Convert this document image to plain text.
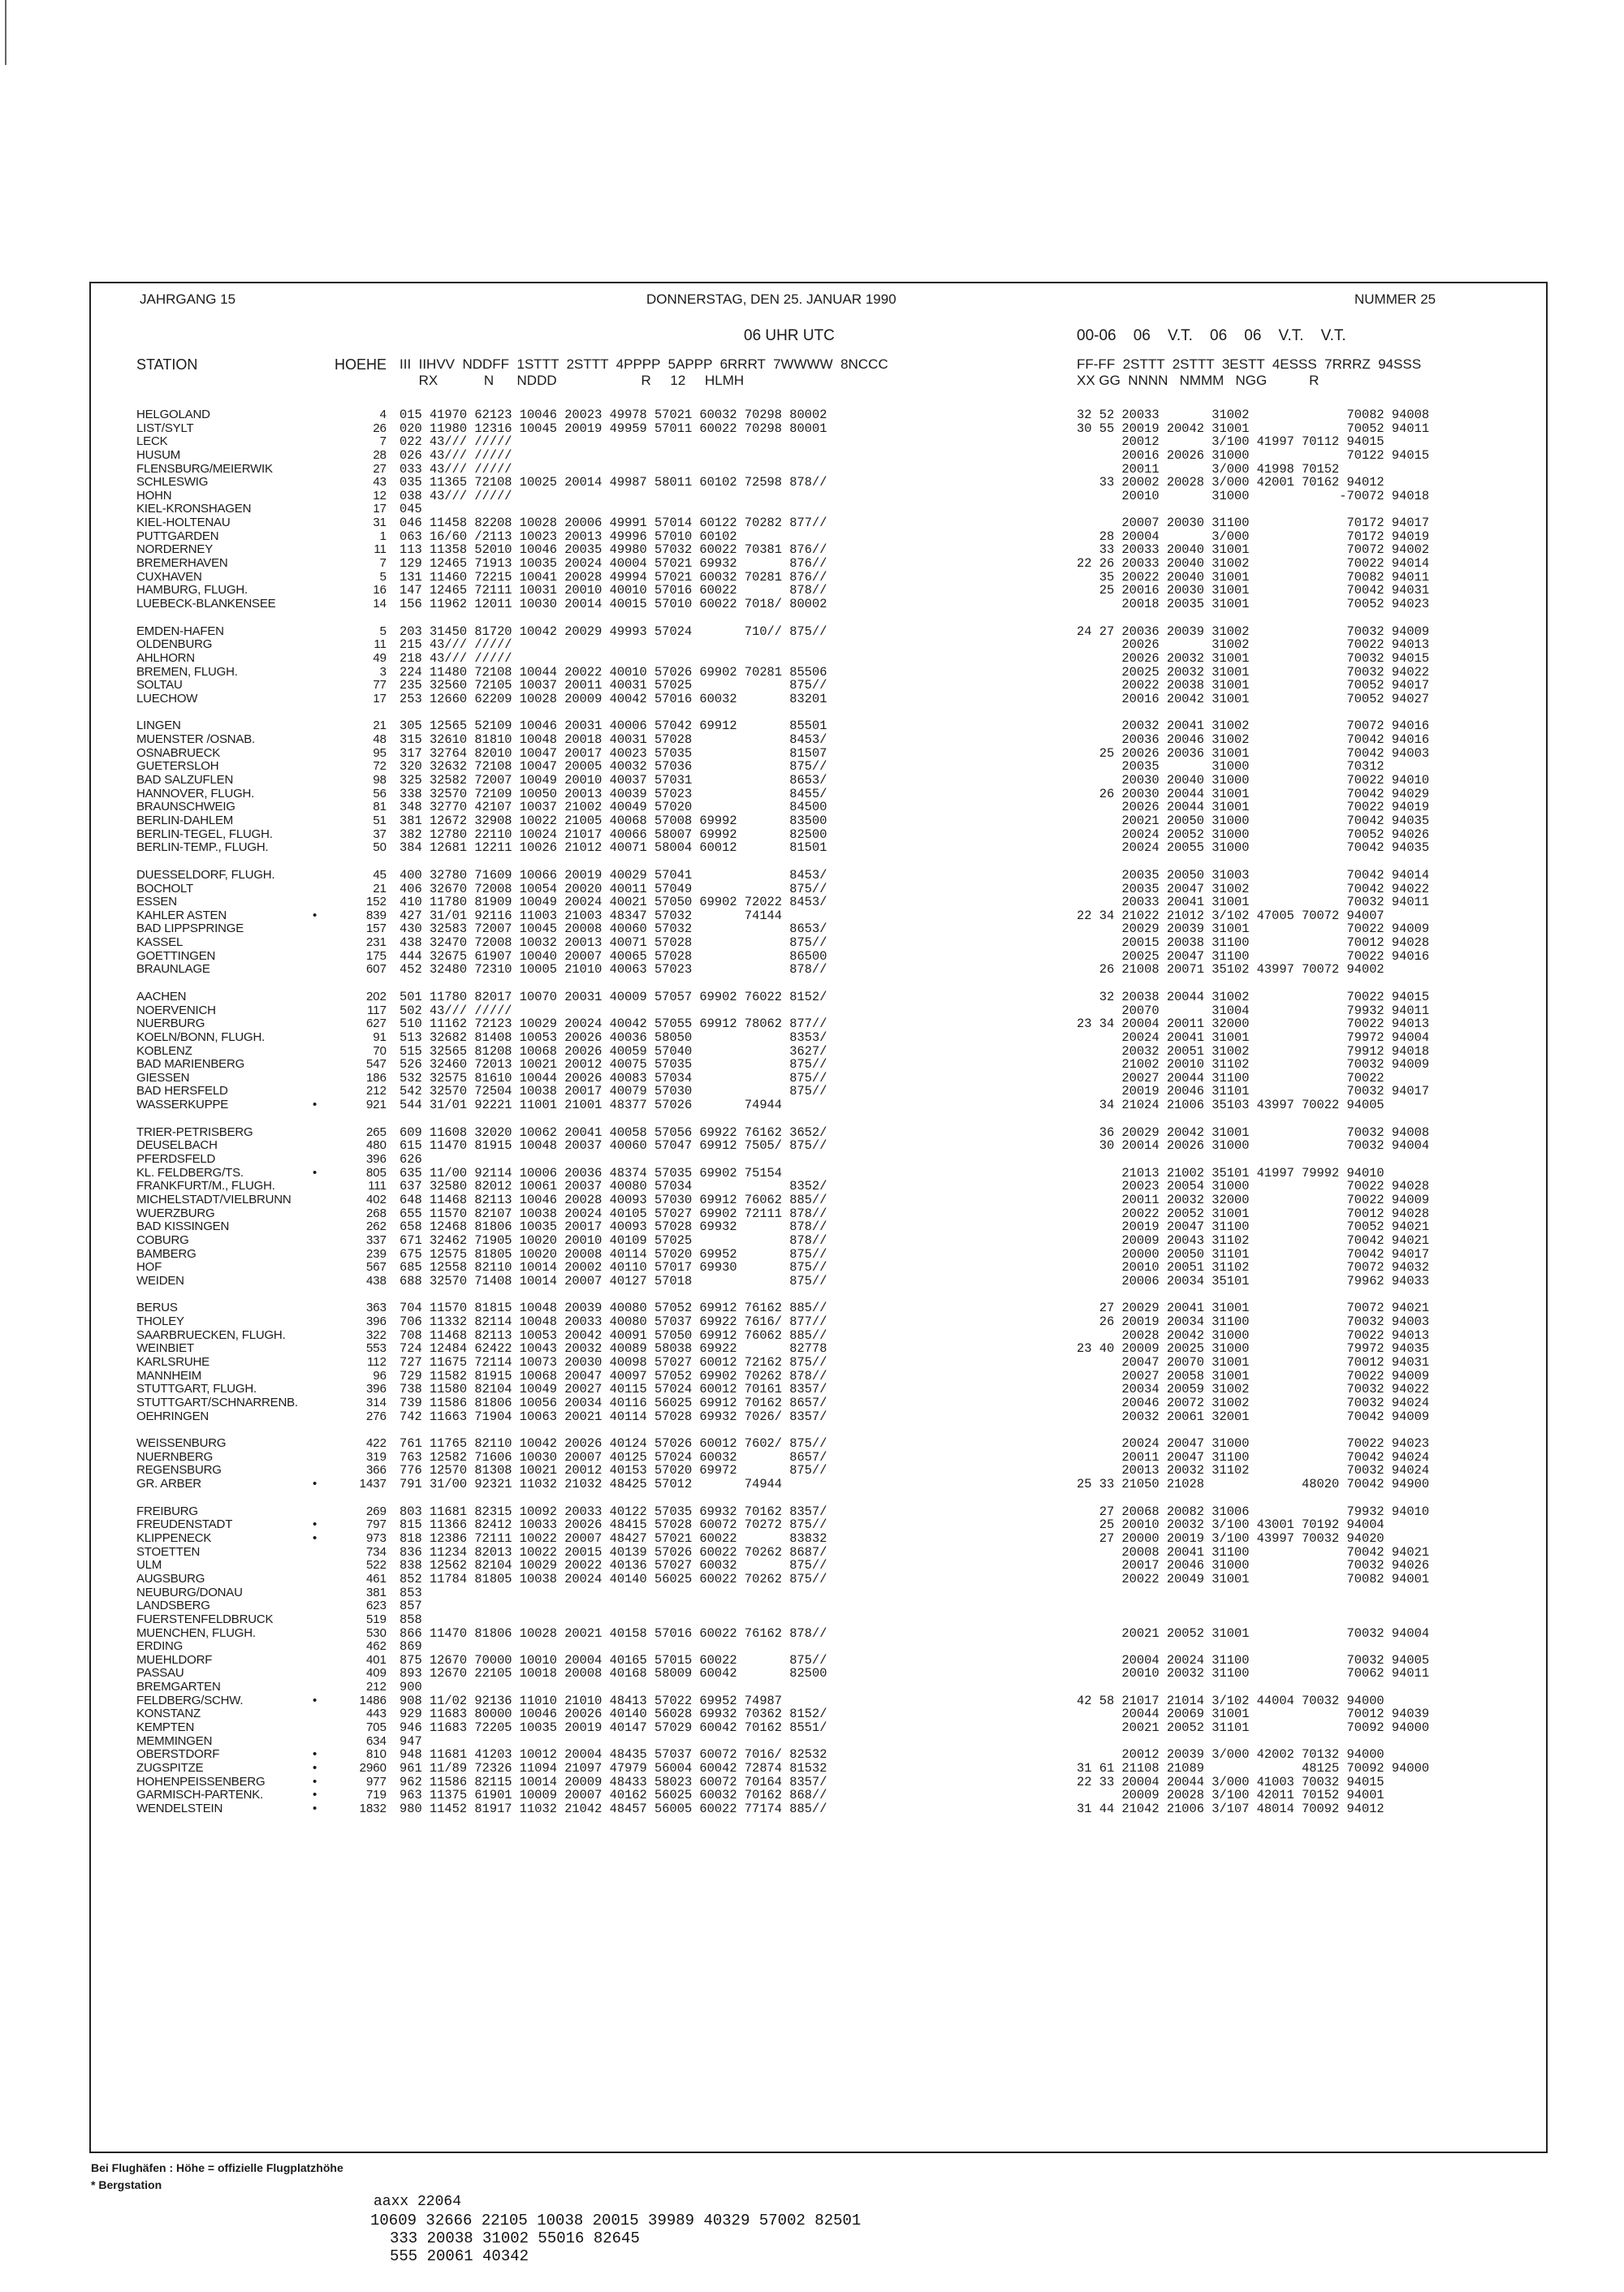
JAHRGANG 15	DONNERSTAG, DEN 25. JANUAR 1990	NUMMER 25
06 UHR UTC	00-06    06    V.T.    06    06    V.T.    V.T.
STATION	HOEHE III  IIHVV  NDDFF  1STTT  2STTT  4PPPP  5APPP  6RRRT  7WWWW  8NCCC
RX            N      NDDD                      R     12     HLMH
FF-FF  2STTT  2STTT  3ESTT  4ESSS  7RRRZ  94SSS
XX GG  NNNN   NMMM   NGG           R
HELGOLAND	4 015 41970 62123 10046 20023 49978 57021 60032 70298 80002	32 52 20033       31002             70082 94008
LIST/SYLT	26 020 11980 12316 10045 20019 49959 57011 60022 70298 80001	30 55 20019 20042 31001             70052 94011
LECK	7 022 43/// /////	20012       3/100 41997 70112 94015
HUSUM	28 026 43/// /////	20016 20026 31000             70122 94015
FLENSBURG/MEIERWIK	27 033 43/// /////	20011       3/000 41998 70152
SCHLESWIG	43 035 11365 72108 10025 20014 49987 58011 60102 72598 878//	33 20002 20028 3/000 42001 70162 94012
HOHN	12 038 43/// /////	20010       31000            -70072 94018
KIEL-KRONSHAGEN	17 045
KIEL-HOLTENAU	31 046 11458 82208 10028 20006 49991 57014 60122 70282 877//	20007 20030 31100             70172 94017
PUTTGARDEN	1 063 16/60 /2113 10023 20013 49996 57010 60102	28 20004       3/000             70172 94019
NORDERNEY	11 113 11358 52010 10046 20035 49980 57032 60022 70381 876//	33 20033 20040 31001             70072 94002
BREMERHAVEN	7 129 12465 71913 10035 20024 40004 57021 69932       876//	22 26 20033 20040 31002             70022 94014
CUXHAVEN	5 131 11460 72215 10041 20028 49994 57021 60032 70281 876//	35 20022 20040 31001             70082 94011
HAMBURG, FLUGH.	16 147 12465 72111 10031 20010 40010 57016 60022       878//	25 20016 20030 31001             70042 94031
LUEBECK-BLANKENSEE	14 156 11962 12011 10030 20014 40015 57010 60022 7018/ 80002	20018 20035 31001             70052 94023
EMDEN-HAFEN	5 203 31450 81720 10042 20029 49993 57024       710// 875//	24 27 20036 20039 31002             70032 94009
OLDENBURG	11 215 43/// /////	20026       31002             70022 94013
AHLHORN	49 218 43/// /////	20026 20032 31001             70032 94015
BREMEN, FLUGH.	3 224 11480 72108 10044 20022 40010 57026 69902 70281 85506	20025 20032 31001             70032 94022
SOLTAU	77 235 32560 72105 10037 20011 40031 57025             875//	20022 20038 31001             70052 94017
LUECHOW	17 253 12660 62209 10028 20009 40042 57016 60032       83201	20016 20042 31001             70052 94027
LINGEN	21 305 12565 52109 10046 20031 40006 57042 69912       85501	20032 20041 31002             70072 94016
MUENSTER /OSNAB.	48 315 32610 81810 10048 20018 40031 57028             8453/	20036 20046 31002             70042 94016
OSNABRUECK	95 317 32764 82010 10047 20017 40023 57035             81507	25 20026 20036 31001             70042 94003
GUETERSLOH	72 320 32632 72108 10047 20005 40032 57036             875//	20035       31000             70312
BAD SALZUFLEN	98 325 32582 72007 10049 20010 40037 57031             8653/	20030 20040 31000             70022 94010
HANNOVER, FLUGH.	56 338 32570 72109 10050 20013 40039 57023             8455/	26 20030 20044 31001             70042 94029
BRAUNSCHWEIG	81 348 32770 42107 10037 21002 40049 57020             84500	20026 20044 31001             70022 94019
BERLIN-DAHLEM	51 381 12672 32908 10022 21005 40068 57008 69992       83500	20021 20050 31000             70042 94035
BERLIN-TEGEL, FLUGH.	37 382 12780 22110 10024 21017 40066 58007 69992       82500	20024 20052 31000             70052 94026
BERLIN-TEMP., FLUGH.	50 384 12681 12211 10026 21012 40071 58004 60012       81501	20024 20055 31000             70042 94035
DUESSELDORF, FLUGH.	45 400 32780 71609 10066 20019 40029 57041             8453/	20035 20050 31003             70042 94014
BOCHOLT	21 406 32670 72008 10054 20020 40011 57049             875//	20035 20047 31002             70042 94022
ESSEN	152 410 11780 81909 10049 20024 40021 57050 69902 72022 8453/	20033 20041 31001             70032 94011
KAHLER ASTEN	•	839 427 31/01 92116 11003 21003 48347 57032       74144	22 34 21022 21012 3/102 47005 70072 94007
BAD LIPPSPRINGE	157 430 32583 72007 10045 20008 40060 57032             8653/	20029 20039 31001             70022 94009
KASSEL	231 438 32470 72008 10032 20013 40071 57028             875//	20015 20038 31100             70012 94028
GOETTINGEN	175 444 32675 61907 10040 20007 40065 57028             86500	20025 20047 31100             70022 94016
BRAUNLAGE	607 452 32480 72310 10005 21010 40063 57023             878//	26 21008 20071 35102 43997 70072 94002
AACHEN	202 501 11780 82017 10070 20031 40009 57057 69902 76022 8152/	32 20038 20044 31002             70022 94015
NOERVENICH	117 502 43/// /////	20070       31004             79932 94011
NUERBURG	627 510 11162 72123 10029 20024 40042 57055 69912 78062 877//	23 34 20004 20011 32000             70022 94013
KOELN/BONN, FLUGH.	91 513 32682 81408 10053 20026 40036 58050             8353/	20024 20041 31001             79972 94004
KOBLENZ	70 515 32565 81208 10068 20026 40059 57040             3627/	20032 20051 31002             79912 94018
BAD MARIENBERG	547 526 32460 72013 10021 20012 40075 57035             875//	21002 20010 31102             70032 94009
GIESSEN	186 532 32575 81610 10044 20026 40083 57034             875//	20027 20044 31100             70022
BAD HERSFELD	212 542 32570 72504 10038 20017 40079 57030             875//	20019 20046 31101             70032 94017
WASSERKUPPE	•	921 544 31/01 92221 11001 21001 48377 57026       74944	34 21024 21006 35103 43997 70022 94005
TRIER-PETRISBERG	265 609 11608 32020 10062 20041 40058 57056 69922 76162 3652/	36 20029 20042 31001             70032 94008
DEUSELBACH	480 615 11470 81915 10048 20037 40060 57047 69912 7505/ 875//	30 20014 20026 31000             70032 94004
PFERDSFELD	396 626
KL. FELDBERG/TS.	•	805 635 11/00 92114 10006 20036 48374 57035 69902 75154	21013 21002 35101 41997 79992 94010
FRANKFURT/M., FLUGH.	111 637 32580 82012 10061 20037 40080 57034             8352/	20023 20054 31000             70022 94028
MICHELSTADT/VIELBRUNN	402 648 11468 82113 10046 20028 40093 57030 69912 76062 885//	20011 20032 32000             70022 94009
WUERZBURG	268 655 11570 82107 10038 20024 40105 57027 69902 72111 878//	20022 20052 31001             70012 94028
BAD KISSINGEN	262 658 12468 81806 10035 20017 40093 57028 69932       878//	20019 20047 31100             70052 94021
COBURG	337 671 32462 71905 10020 20010 40109 57025             878//	20009 20043 31102             70042 94021
BAMBERG	239 675 12575 81805 10020 20008 40114 57020 69952       875//	20000 20050 31101             70042 94017
HOF	567 685 12558 82110 10014 20002 40110 57017 69930       875//	20010 20051 31102             70072 94032
WEIDEN	438 688 32570 71408 10014 20007 40127 57018             875//	20006 20034 35101             79962 94033
BERUS	363 704 11570 81815 10048 20039 40080 57052 69912 76162 885//	27 20029 20041 31001             70072 94021
THOLEY	396 706 11332 82114 10048 20033 40080 57037 69922 7616/ 877//	26 20019 20034 31100             70032 94003
SAARBRUECKEN, FLUGH.	322 708 11468 82113 10053 20042 40091 57050 69912 76062 885//	20028 20042 31000             70022 94013
WEINBIET	553 724 12484 62422 10043 20032 40089 58038 69922       82778	23 40 20009 20025 31000             79972 94035
KARLSRUHE	112 727 11675 72114 10073 20030 40098 57027 60012 72162 875//	20047 20070 31001             70012 94031
MANNHEIM	96 729 11582 81915 10068 20047 40097 57052 69902 70262 878//	20027 20058 31001             70022 94009
STUTTGART, FLUGH.	396 738 11580 82104 10049 20027 40115 57024 60012 70161 8357/	20034 20059 31002             70032 94022
STUTTGART/SCHNARRENB.	314 739 11586 81806 10056 20034 40116 56025 69912 70162 8657/	20046 20072 31002             70032 94024
OEHRINGEN	276 742 11663 71904 10063 20021 40114 57028 69932 7026/ 8357/	20032 20061 32001             70042 94009
WEISSENBURG	422 761 11765 82110 10042 20026 40124 57026 60012 7602/ 875//	20024 20047 31000             70022 94023
NUERNBERG	319 763 12582 71606 10030 20007 40125 57024 60032       8657/	20011 20047 31100             70042 94024
REGENSBURG	366 776 12570 81308 10021 20012 40153 57020 69972       875//	20013 20032 31102             70032 94024
GR. ARBER	•	1437 791 31/00 92321 11032 21032 48425 57012       74944	25 33 21050 21028             48020 70042 94900
FREIBURG	269 803 11681 82315 10092 20033 40122 57035 69932 70162 8357/	27 20068 20082 31006             79932 94010
FREUDENSTADT	•	797 815 11366 82412 10033 20026 48415 57028 60072 70272 875//	25 20010 20032 3/100 43001 70192 94004
KLIPPENECK	•	973 818 12386 72111 10022 20007 48427 57021 60022       83832	27 20000 20019 3/100 43997 70032 94020
STOETTEN	734 836 11234 82013 10022 20015 40139 57026 60022 70262 8687/	20008 20041 31100             70042 94021
ULM	522 838 12562 82104 10029 20022 40136 57027 60032       875//	20017 20046 31000             70032 94026
AUGSBURG	461 852 11784 81805 10038 20024 40140 56025 60022 70262 875//	20022 20049 31001             70082 94001
NEUBURG/DONAU	381 853
LANDSBERG	623 857
FUERSTENFELDBRUCK	519 858
MUENCHEN, FLUGH.	530 866 11470 81806 10028 20021 40158 57016 60022 76162 878//	20021 20052 31001             70032 94004
ERDING	462 869
MUEHLDORF	401 875 12670 70000 10010 20004 40165 57015 60022       875//	20004 20024 31100             70032 94005
PASSAU	409 893 12670 22105 10018 20008 40168 58009 60042       82500	20010 20032 31100             70062 94011
BREMGARTEN	212 900
FELDBERG/SCHW.	•	1486 908 11/02 92136 11010 21010 48413 57022 69952 74987	42 58 21017 21014 3/102 44004 70032 94000
KONSTANZ	443 929 11683 80000 10046 20026 40140 56028 69932 70362 8152/	20044 20069 31001             70012 94039
KEMPTEN	705 946 11683 72205 10035 20019 40147 57029 60042 70162 8551/	20021 20052 31101             70092 94000
MEMMINGEN	634 947
OBERSTDORF	•	810 948 11681 41203 10012 20004 48435 57037 60072 7016/ 82532	20012 20039 3/000 42002 70132 94000
ZUGSPITZE	•	2960 961 11/89 72326 11094 21097 47979 56004 60042 72874 81532	31 61 21108 21089             48125 70092 94000
HOHENPEISSENBERG	•	977 962 11586 82115 10014 20009 48433 58023 60072 70164 8357/	22 33 20004 20044 3/000 41003 70032 94015
GARMISCH-PARTENK.	•	719 963 11375 61901 10009 20007 40162 56025 60032 70162 868//	20009 20028 3/100 42011 70152 94001
WENDELSTEIN	•	1832 980 11452 81917 11032 21042 48457 56005 60022 77174 885//	31 44 21042 21006 3/107 48014 70092 94012
Bei Flughäfen : Höhe = offizielle Flugplatzhöhe
* Bergstation
aaxx 22064
10609 32666 22105 10038 20015 39989 40329 57002 82501
333 20038 31002 55016 82645
555 20061 40342
